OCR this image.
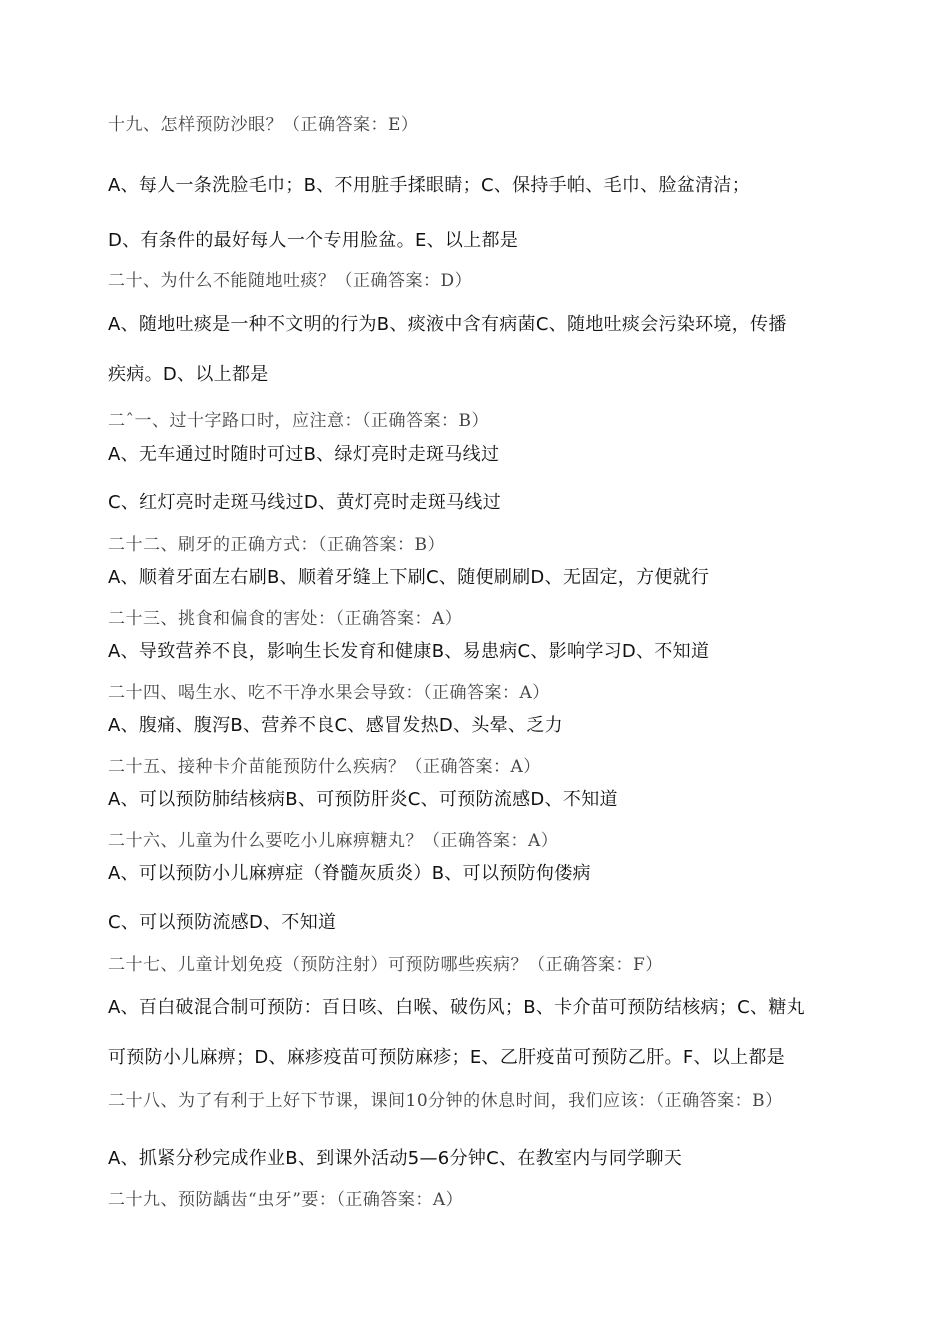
十九、怎样预防沙眼？（正确答案：E）
A、每人一条洗脸毛巾；B、不用脏手揉眼睛；C、保持手帕、毛巾、脸盆清洁；
D、有条件的最好每人一个专用脸盆。E、以上都是
二十、为什么不能随地吐痰？（正确答案：D）
A、随地吐痰是一种不文明的行为B、痰液中含有病菌C、随地吐痰会污染环境，传播
疾病。D、以上都是
二ˆ一、过十字路口时，应注意：（正确答案：B）
A、无车通过时随时可过B、绿灯亮时走斑马线过
C、红灯亮时走斑马线过D、黄灯亮时走斑马线过
二十二、刷牙的正确方式：（正确答案：B）
A、顺着牙面左右刷B、顺着牙缝上下刷C、随便刷刷D、无固定，方便就行
二十三、挑食和偏食的害处：（正确答案：A）
A、导致营养不良，影响生长发育和健康B、易患病C、影响学习D、不知道
二十四、喝生水、吃不干净水果会导致：（正确答案：A）
A、腹痛、腹泻B、营养不良C、感冒发热D、头晕、乏力
二十五、接种卡介苗能预防什么疾病？（正确答案：A）
A、可以预防肺结核病B、可预防肝炎C、可预防流感D、不知道
二十六、儿童为什么要吃小儿麻痹糖丸？（正确答案：A）
A、可以预防小儿麻痹症（脊髓灰质炎）B、可以预防佝偻病
C、可以预防流感D、不知道
二十七、儿童计划免疫（预防注射）可预防哪些疾病？（正确答案：F）
A、百白破混合制可预防：百日咳、白喉、破伤风；B、卡介苗可预防结核病；C、糖丸
可预防小儿麻痹；D、麻疹疫苗可预防麻疹；E、乙肝疫苗可预防乙肝。F、以上都是
二十八、为了有利于上好下节课，课间10分钟的休息时间，我们应该：（正确答案：B）
A、抓紧分秒完成作业B、到课外活动5—6分钟C、在教室内与同学聊天
二十九、预防龋齿“虫牙”要：（正确答案：A）
